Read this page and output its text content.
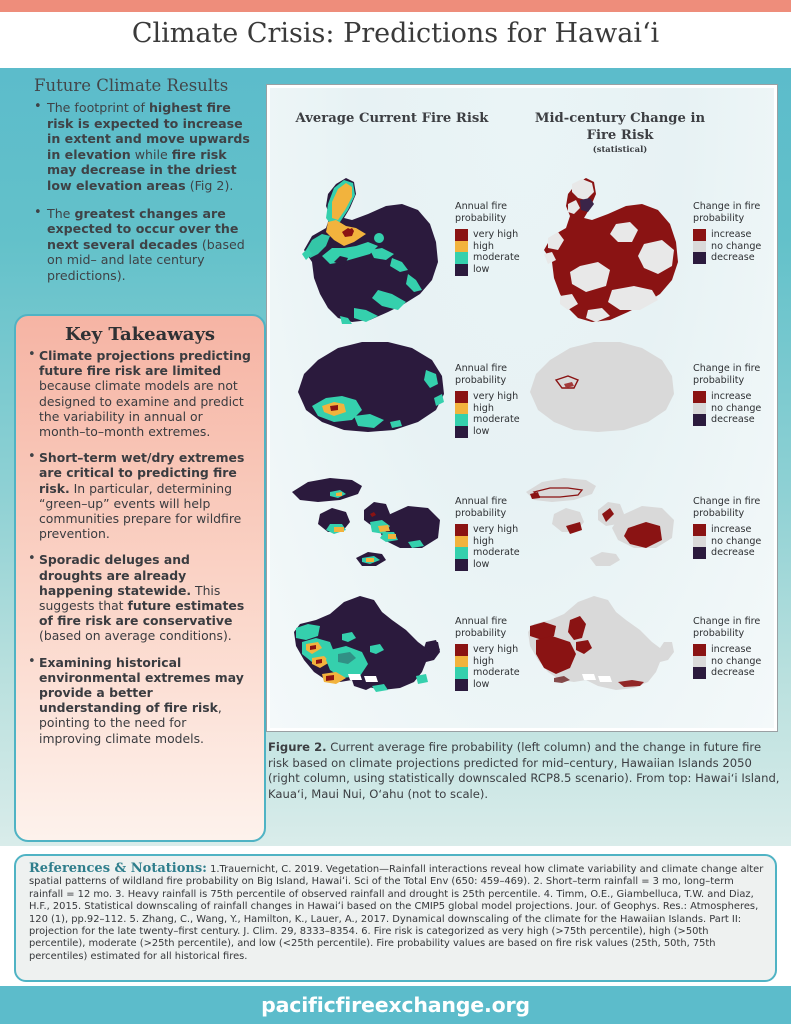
Climate Crisis: Predictions for Hawaiʻi
Future Climate Results
• The footprint of highest fire risk is expected to increase in extent and move upwards in elevation while fire risk may decrease in the driest low elevation areas (Fig 2).
• The greatest changes are expected to occur over the next several decades (based on mid– and late century predictions).
Key Takeaways
• Climate projections predicting future fire risk are limited because climate models are not designed to examine and predict the variability in annual or month–to–month extremes.
• Short–term wet/dry extremes are critical to predicting fire risk. In particular, determining “green–up” events will help communities prepare for wildfire prevention.
• Sporadic deluges and droughts are already happening statewide. This suggests that future estimates of fire risk are conservative (based on average conditions).
• Examining historical environmental extremes may provide a better understanding of fire risk, pointing to the need for improving climate models.
Average Current Fire Risk	Mid-century Change in Fire Risk
(statistical)
Annual fire
probability
very high
high
moderate
low
Change in fire
probability
increase
no change
decrease
Annual fire
probability
very high
high
moderate
low
Change in fire
probability
increase
no change
decrease
Annual fire
probability
very high
high
moderate
low
Change in fire
probability
increase
no change
decrease
Annual fire
probability
very high
high
moderate
low
Change in fire
probability
increase
no change
decrease
Figure 2. Current average fire probability (left column) and the change in future fire risk based on climate projections predicted for mid–century, Hawaiian Islands 2050 (right column, using statistically downscaled RCP8.5 scenario). From top: Hawaiʻi Island, Kauaʻi, Maui Nui, Oʻahu (not to scale).
References & Notations: 1.Trauernicht, C. 2019. Vegetation—Rainfall interactions reveal how climate variability and climate change alter spatial patterns of wildland fire probability on Big Island, Hawaiʻi. Sci of the Total Env (650: 459–469). 2. Short–term rainfall = 3 mo, long–term rainfall = 12 mo. 3. Heavy rainfall is 75th percentile of observed rainfall and drought is 25th percentile. 4. Timm, O.E., Giambelluca, T.W. and Diaz, H.F., 2015. Statistical downscaling of rainfall changes in Hawaiʻi based on the CMIP5 global model projections. Jour. of Geophys. Res.: Atmospheres, 120 (1), pp.92–112. 5. Zhang, C., Wang, Y., Hamilton, K., Lauer, A., 2017. Dynamical downscaling of the climate for the Hawaiian Islands. Part II: projection for the late twenty–first century. J. Clim. 29, 8333–8354. 6. Fire risk is categorized as very high (>75th percentile), high (>50th percentile), moderate (>25th percentile), and low (<25th percentile). Fire probability values are based on fire risk values (25th, 50th, 75th percentiles) estimated for all historical fires.
pacificfireexchange.org
